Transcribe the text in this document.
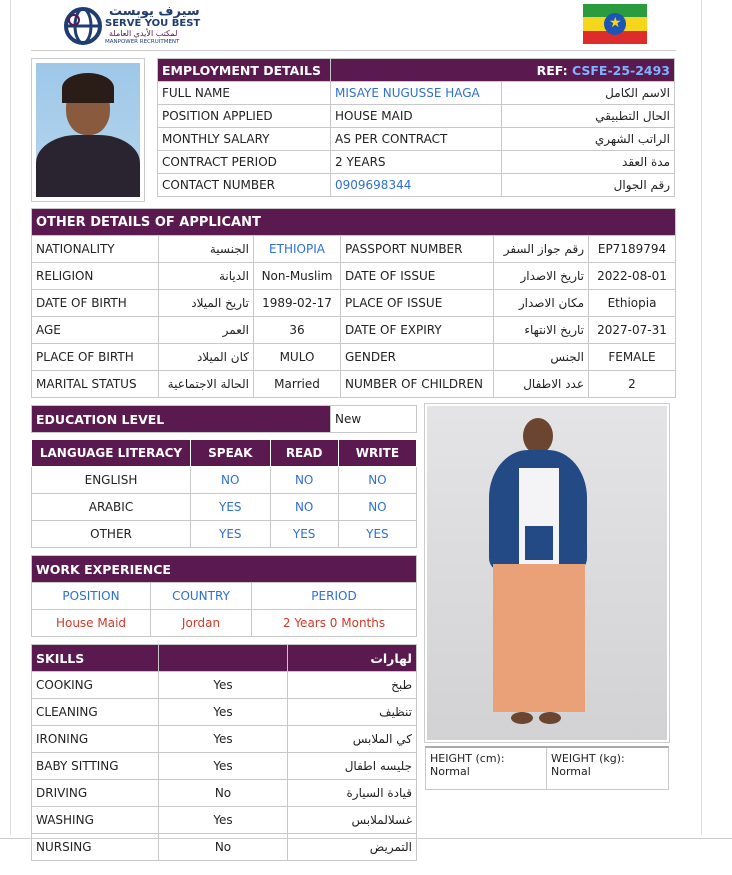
سيرف يوبست
SERVE YOU BEST
لمكتب الأيدي العاملة
MANPOWER RECRUITMENT
★
EMPLOYMENT DETAILS	REF: CSFE-25-2493	
FULL NAME	MISAYE NUGUSSE HAGA	الاسم الكامل
POSITION APPLIED	HOUSE MAID	الحال التطبيقي
MONTHLY SALARY	AS PER CONTRACT	الراتب الشهري
CONTRACT PERIOD	2 YEARS	مدة العقد
CONTACT NUMBER	0909698344	رقم الجوال
OTHER DETAILS OF APPLICANT					
NATIONALITY	الجنسية	ETHIOPIA	PASSPORT NUMBER	رقم جواز السفر	EP7189794
RELIGION	الديانة	Non-Muslim	DATE OF ISSUE	تاريخ الاصدار	2022-08-01
DATE OF BIRTH	تاريخ الميلاد	1989-02-17	PLACE OF ISSUE	مكان الاصدار	Ethiopia
AGE	العمر	36	DATE OF EXPIRY	تاريخ الانتهاء	2027-07-31
PLACE OF BIRTH	كان الميلاد	MULO	GENDER	الجنس	FEMALE
MARITAL STATUS	الحالة الاجتماعية	Married	NUMBER OF CHILDREN	عدد الاطفال	2
EDUCATION LEVEL	New
LANGUAGE LITERACY	SPEAK	READ	WRITE
ENGLISH	NO	NO	NO
ARABIC	YES	NO	NO
OTHER	YES	YES	YES
WORK EXPERIENCE		
POSITION	COUNTRY	PERIOD
House Maid	Jordan	2 Years 0 Months
SKILLS		لهارات
COOKING	Yes	طبخ
CLEANING	Yes	تنظيف
IRONING	Yes	كي الملابس
BABY SITTING	Yes	جليسه اطفال
DRIVING	No	قيادة السيارة
WASHING	Yes	غسلالملابس
NURSING	No	التمريض
HEIGHT (cm):
Normal

WEIGHT (kg):
Normal
